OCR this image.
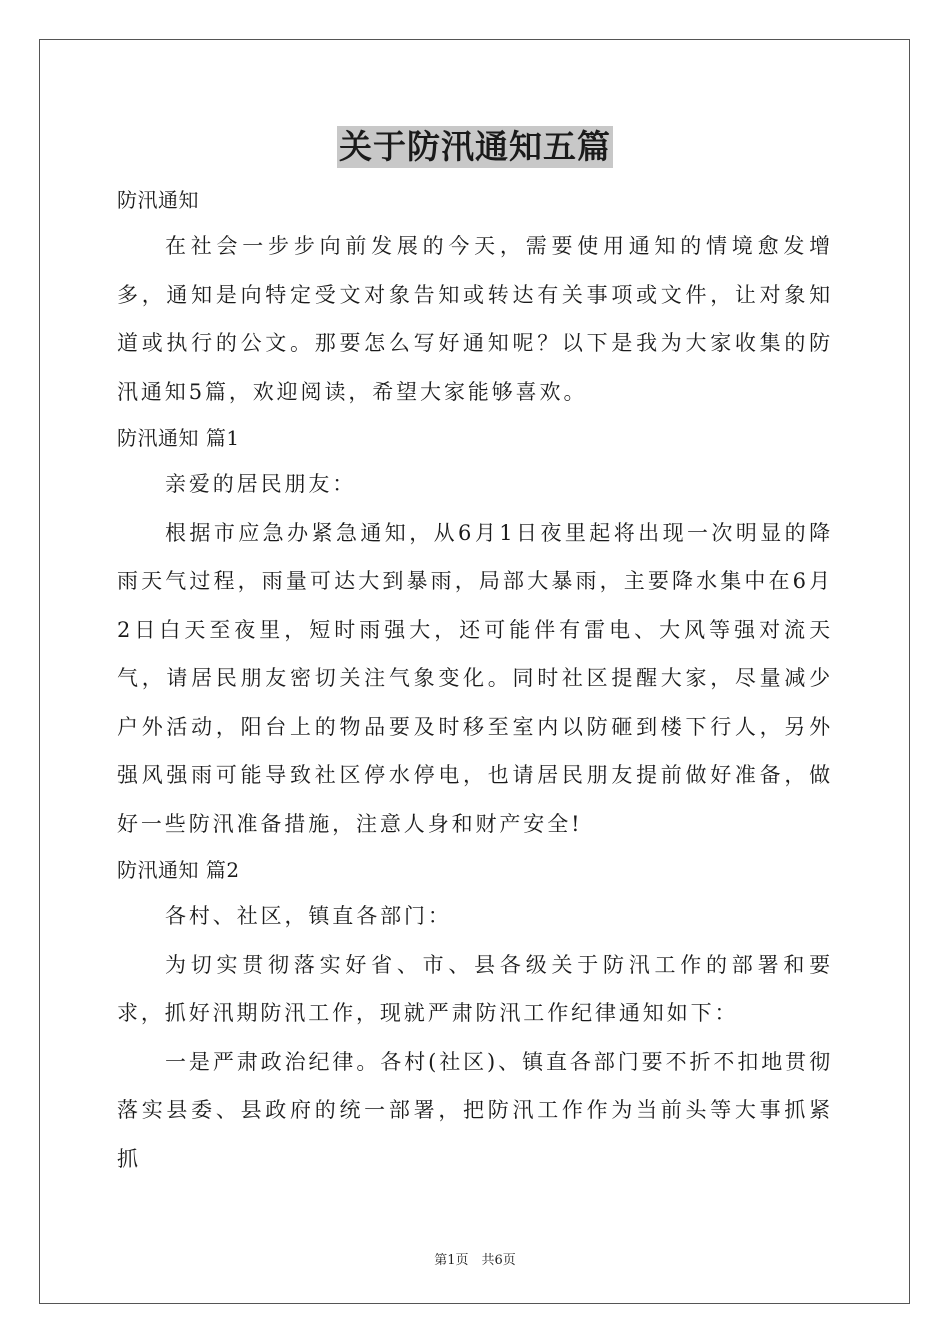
关于防汛通知五篇

防汛通知

在社会一步步向前发展的今天，需要使用通知的情境愈发增多，通知是向特定受文对象告知或转达有关事项或文件，让对象知道或执行的公文。那要怎么写好通知呢？以下是我为大家收集的防汛通知5篇，欢迎阅读，希望大家能够喜欢。

防汛通知 篇1

亲爱的居民朋友：

根据市应急办紧急通知，从6月1日夜里起将出现一次明显的降雨天气过程，雨量可达大到暴雨，局部大暴雨，主要降水集中在6月2日白天至夜里，短时雨强大，还可能伴有雷电、大风等强对流天气，请居民朋友密切关注气象变化。同时社区提醒大家，尽量减少户外活动，阳台上的物品要及时移至室内以防砸到楼下行人，另外强风强雨可能导致社区停水停电，也请居民朋友提前做好准备，做好一些防汛准备措施，注意人身和财产安全!

防汛通知 篇2

各村、社区，镇直各部门：

为切实贯彻落实好省、市、县各级关于防汛工作的部署和要求，抓好汛期防汛工作，现就严肃防汛工作纪律通知如下：

一是严肃政治纪律。各村(社区)、镇直各部门要不折不扣地贯彻落实县委、县政府的统一部署，把防汛工作作为当前头等大事抓紧抓

第1页　共6页
